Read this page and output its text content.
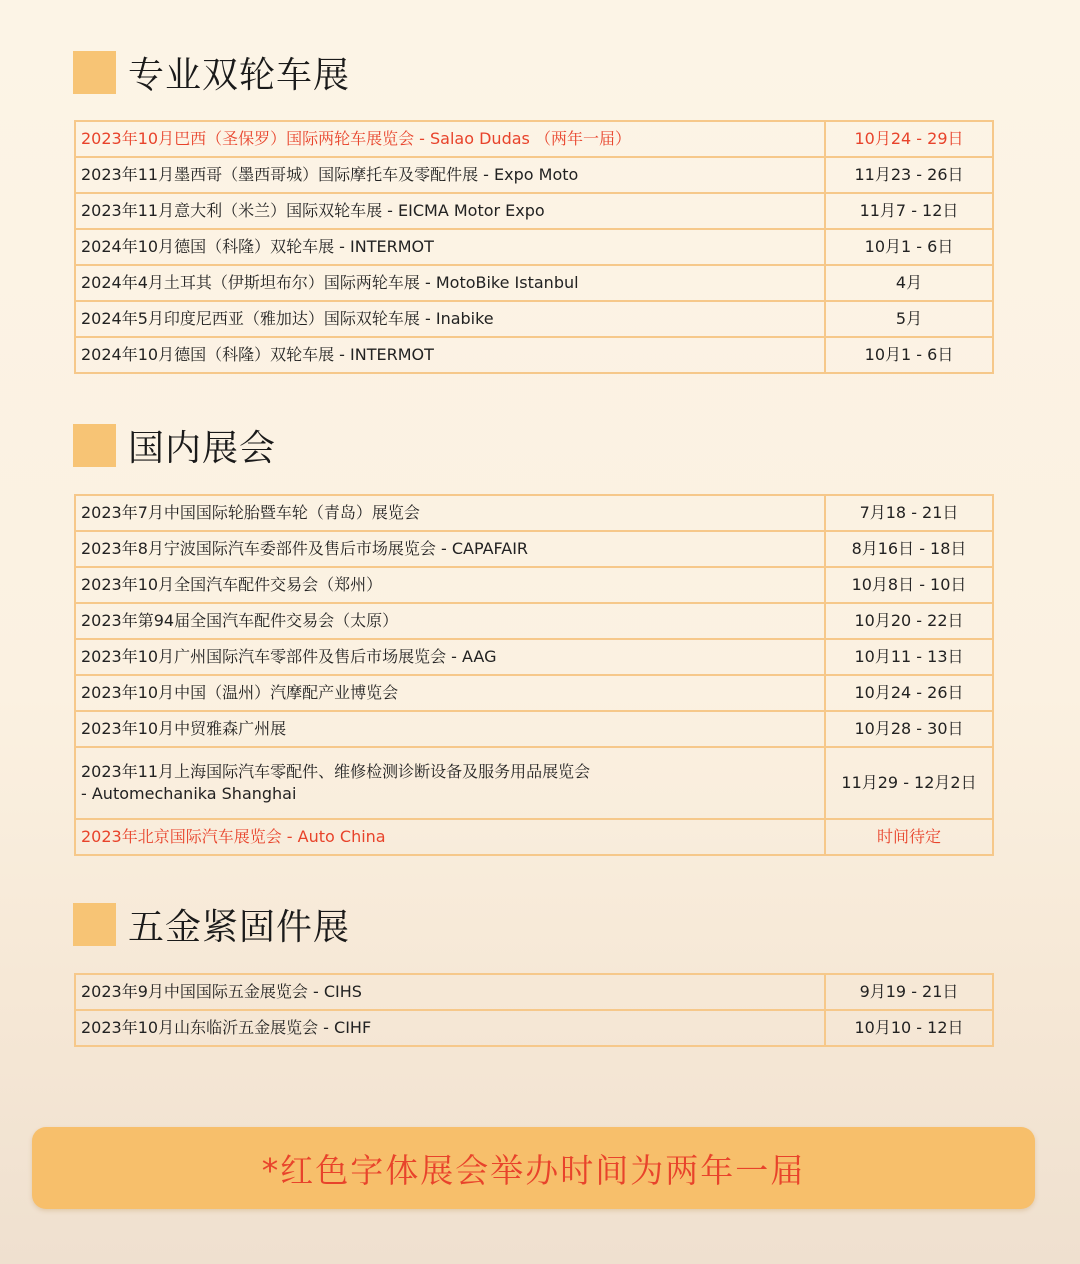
专业双轮车展
2023年10月巴西（圣保罗）国际两轮车展览会 - Salao Dudas （两年一届）	10月24 - 29日
2023年11月墨西哥（墨西哥城）国际摩托车及零配件展 - Expo Moto	11月23 - 26日
2023年11月意大利（米兰）国际双轮车展 - EICMA Motor Expo	11月7 - 12日
2024年10月德国（科隆）双轮车展 - INTERMOT	10月1 - 6日
2024年4月土耳其（伊斯坦布尔）国际两轮车展 - MotoBike Istanbul	4月
2024年5月印度尼西亚（雅加达）国际双轮车展 - Inabike	5月
2024年10月德国（科隆）双轮车展 - INTERMOT	10月1 - 6日
国内展会
2023年7月中国国际轮胎暨车轮（青岛）展览会	7月18 - 21日
2023年8月宁波国际汽车委部件及售后市场展览会 - CAPAFAIR	8月16日 - 18日
2023年10月全国汽车配件交易会（郑州）	10月8日 - 10日
2023年第94届全国汽车配件交易会（太原）	10月20 - 22日
2023年10月广州国际汽车零部件及售后市场展览会 - AAG	10月11 - 13日
2023年10月中国（温州）汽摩配产业博览会	10月24 - 26日
2023年10月中贸雅森广州展	10月28 - 30日

2023年11月上海国际汽车零配件、维修检测诊断设备及服务用品展览会
- Automechanika Shanghai	11月29 - 12月2日
2023年北京国际汽车展览会 - Auto China	时间待定
五金紧固件展
2023年9月中国国际五金展览会 - CIHS	9月19 - 21日
2023年10月山东临沂五金展览会 - CIHF	10月10 - 12日
*红色字体展会举办时间为两年一届
